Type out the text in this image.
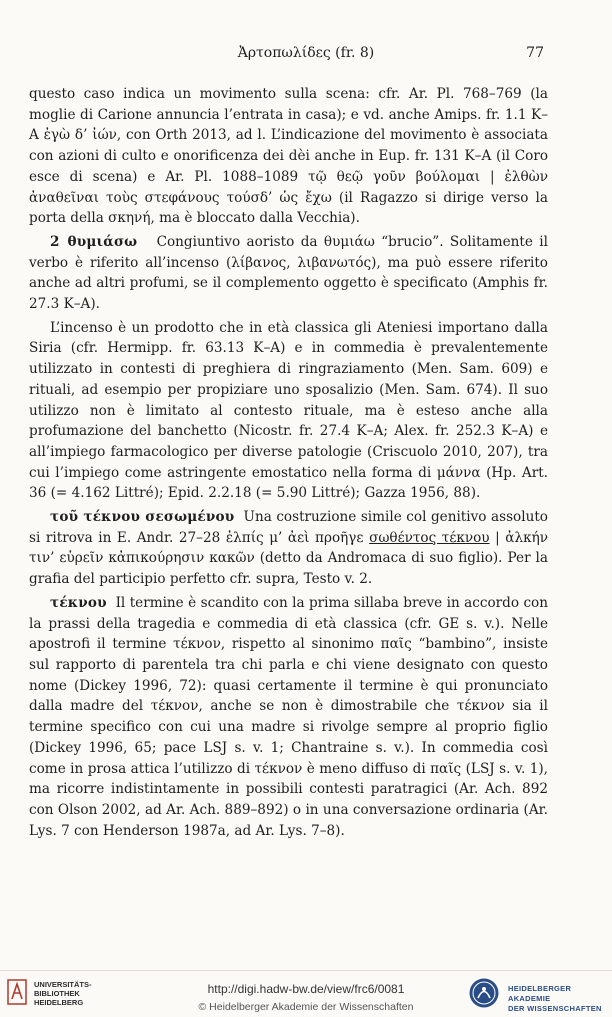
Ἀρτοπωλίδες (fr. 8)	77

questo caso indica un movimento sulla scena: cfr. Ar. Pl. 768–769 (la moglie di Carione annuncia l’entrata in casa); e vd. anche Amips. fr. 1.1 K–A ἐγὼ δ’ ἰών, con Orth 2013, ad l. L’indicazione del movimento è associata con azioni di culto e onorificenza dei dèi anche in Eup. fr. 131 K–A (il Coro esce di scena) e Ar. Pl. 1088–1089 τῷ θεῷ γοῦν βούλομαι | ἐλθὼν ἀναθεῖναι τοὺς στεφάνους τούσδ’ ὡς ἔχω (il Ragazzo si dirige verso la porta della σκηνή, ma è bloccato dalla Vecchia).

2 θυμιάσω Congiuntivo aoristo da θυμιάω “brucio”. Solitamente il verbo è riferito all’incenso (λίβανος, λιβανωτός), ma può essere riferito anche ad altri profumi, se il complemento oggetto è specificato (Amphis fr. 27.3 K–A).

L’incenso è un prodotto che in età classica gli Ateniesi importano dalla Siria (cfr. Hermipp. fr. 63.13 K–A) e in commedia è prevalentemente utilizzato in contesti di preghiera di ringraziamento (Men. Sam. 609) e rituali, ad esempio per propiziare uno sposalizio (Men. Sam. 674). Il suo utilizzo non è limitato al contesto rituale, ma è esteso anche alla profumazione del banchetto (Nicostr. fr. 27.4 K–A; Alex. fr. 252.3 K–A) e all’impiego farmacologico per diverse patologie (Criscuolo 2010, 207), tra cui l’impiego come astringente emostatico nella forma di μάννα (Hp. Art. 36 (= 4.162 Littré); Epid. 2.2.18 (= 5.90 Littré); Gazza 1956, 88).

τοῦ τέκνου σεσωμένου Una costruzione simile col genitivo assoluto si ritrova in E. Andr. 27–28 ἐλπίς μ’ ἀεὶ προῆγε σωθέντος τέκνου | ἀλκήν τιν’ εὑρεῖν κἀπικούρησιν κακῶν (detto da Andromaca di suo figlio). Per la grafia del participio perfetto cfr. supra, Testo v. 2.

τέκνου Il termine è scandito con la prima sillaba breve in accordo con la prassi della tragedia e commedia di età classica (cfr. GE s. v.). Nelle apostrofi il termine τέκνον, rispetto al sinonimo παῖς “bambino”, insiste sul rapporto di parentela tra chi parla e chi viene designato con questo nome (Dickey 1996, 72): quasi certamente il termine è qui pronunciato dalla madre del τέκνον, anche se non è dimostrabile che τέκνον sia il termine specifico con cui una madre si rivolge sempre al proprio figlio (Dickey 1996, 65; pace LSJ s. v. 1; Chantraine s. v.). In commedia così come in prosa attica l’utilizzo di τέκνον è meno diffuso di παῖς (LSJ s. v. 1), ma ricorre indistintamente in possibili contesti paratragici (Ar. Ach. 892 con Olson 2002, ad Ar. Ach. 889–892) o in una conversazione ordinaria (Ar. Lys. 7 con Henderson 1987a, ad Ar. Lys. 7–8).

UNIVERSITÄTS-
BIBLIOTHEK
HEIDELBERG
http://digi.hadw-bw.de/view/frc6/0081
© Heidelberger Akademie der Wissenschaften
HEIDELBERGER AKADEMIE
DER WISSENSCHAFTEN
